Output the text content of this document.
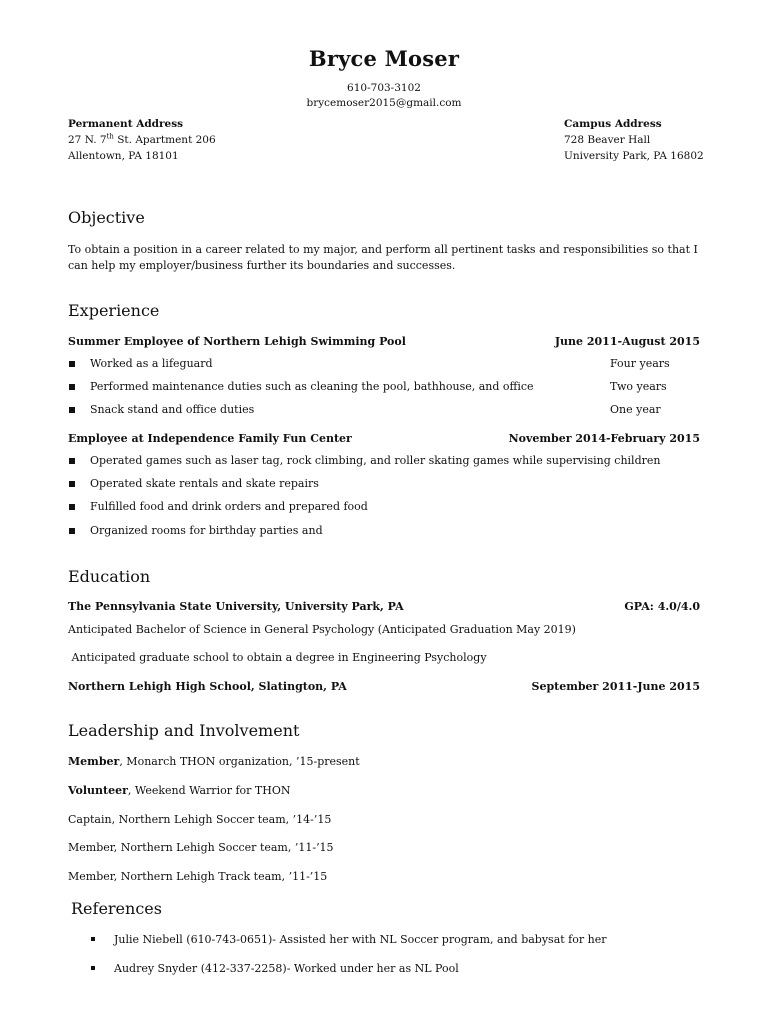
Bryce Moser
610-703-3102
brycemoser2015@gmail.com
Permanent Address
27 N. 7th St. Apartment 206
Allentown, PA 18101
Campus Address
728 Beaver Hall
University Park, PA 16802
Objective
To obtain a position in a career related to my major, and perform all pertinent tasks and responsibilities so that I
can help my employer/business further its boundaries and successes.
Experience
Summer Employee of Northern Lehigh Swimming Pool	June 2011-August 2015
Worked as a lifeguard	Four years
Performed maintenance duties such as cleaning the pool, bathhouse, and office	Two years
Snack stand and office duties	One year
Employee at Independence Family Fun Center	November 2014-February 2015
Operated games such as laser tag, rock climbing, and roller skating games while supervising children
Operated skate rentals and skate repairs
Fulfilled food and drink orders and prepared food
Organized rooms for birthday parties and
Education
The Pennsylvania State University, University Park, PA	GPA: 4.0/4.0
Anticipated Bachelor of Science in General Psychology (Anticipated Graduation May 2019)
Anticipated graduate school to obtain a degree in Engineering Psychology
Northern Lehigh High School, Slatington, PA	September 2011-June 2015
Leadership and Involvement
Member, Monarch THON organization, ’15-present
Volunteer, Weekend Warrior for THON
Captain, Northern Lehigh Soccer team, ’14-’15
Member, Northern Lehigh Soccer team, ’11-’15
Member, Northern Lehigh Track team, ’11-’15
References
Julie Niebell (610-743-0651)- Assisted her with NL Soccer program, and babysat for her
Audrey Snyder (412-337-2258)- Worked under her as NL Pool
